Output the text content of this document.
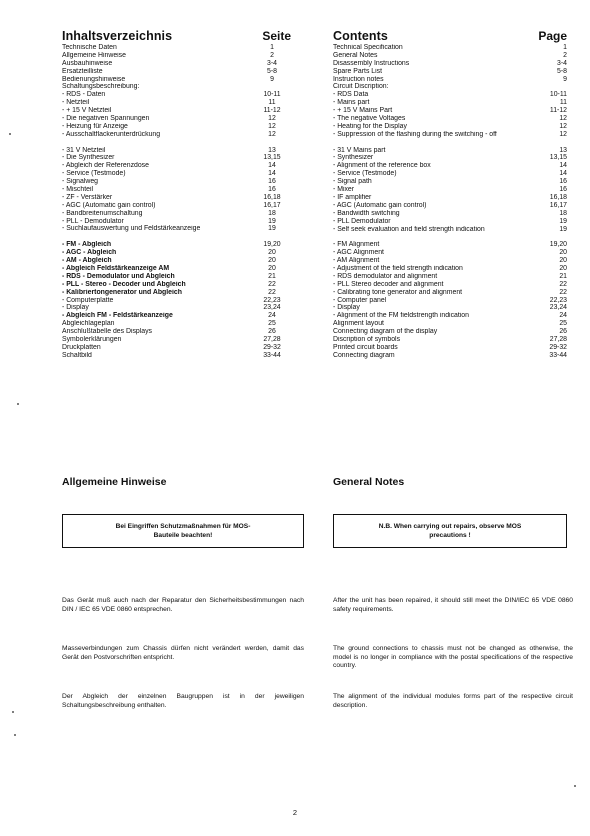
Inhaltsverzeichnis	Seite
Technische Daten	1
Allgemeine Hinweise	2
Ausbauhinweise	3-4
Ersatzteilliste	5-8
Bedienungshinweise	9
Schaltungsbeschreibung:
- RDS - Daten	10-11
- Netzteil	11
- + 15 V Netzteil	11-12
- Die negativen Spannungen	12
- Heizung für Anzeige	12
- Ausschaltflackerunterdrückung	12
- 31 V Netzteil	13
- Die Synthesizer	13,15
- Abgleich der Referenzdose	14
- Service (Testmode)	14
- Signalweg	16
- Mischteil	16
- ZF - Verstärker	16,18
- AGC (Automatic gain control)	16,17
- Bandbreitenumschaltung	18
- PLL - Demodulator	19
- Suchlaufauswertung und Feldstärkeanzeige	19
- FM - Abgleich	19,20
- AGC - Abgleich	20
- AM - Abgleich	20
- Abgleich Feldstärkeanzeige AM	20
- RDS - Demodulator und Abgleich	21
- PLL - Stereo - Decoder und Abgleich	22
- Kalibriertongenerator und Abgleich	22
- Computerplatte	22,23
- Display	23,24
- Abgleich FM - Feldstärkeanzeige	24
Abgleichlageplan	25
Anschlußtabelle des Displays	26
Symbolerklärungen	27,28
Druckplatten	29-32
Schaltbild	33-44
Contents	Page
Technical Specification	1
General Notes	2
Disassembly Instructions	3-4
Spare Parts List	5-8
Instruction notes	9
Circuit Discription:
- RDS Data	10-11
- Mains part	11
- + 15 V Mains Part	11-12
- The negative Voltages	12
- Heating for the Display	12
- Suppression of the flashing during the switching - off	12
- 31 V Mains part	13
- Synthesizer	13,15
- Alignment of the reference box	14
- Service (Testmode)	14
- Signal path	16
- Mixer	16
- IF amplifier	16,18
- AGC (Automatic gain control)	16,17
- Bandwidth switching	18
- PLL Demodulator	19
- Self seek evaluation and field strength indication	19
- FM Alignment	19,20
- AGC Alignment	20
- AM Alignment	20
- Adjustment of the field strength indication	20
- RDS demodulator and alignment	21
- PLL Stereo decoder and alignment	22
- Calibrating tone generator and alignment	22
- Computer panel	22,23
- Display	23,24
- Alignment of the FM fieldstrength indication	24
Alignment layout	25
Connecting diagram of the display	26
Discription of symbols	27,28
Printed circuit boards	29-32
Connecting diagram	33-44
Allgemeine Hinweise	General Notes
Bei Eingriffen Schutzmaßnahmen für MOS-Bauteile beachten!
N.B. When carrying out repairs, observe MOS precautions !
Das Gerät muß auch nach der Reparatur den Sicherheitsbestimmungen nach DIN / IEC 65 VDE 0860 entsprechen.
Masseverbindungen zum Chassis dürfen nicht verändert werden, damit das Gerät den Postvorschriften entspricht.
Der Abgleich der einzelnen Baugruppen ist in der jeweiligen Schaltungsbeschreibung enthalten.
After the unit has been repaired, it should still meet the DIN/IEC 65 VDE 0860 safety requirements.
The ground connections to chassis must not be changed as otherwise, the model is no longer in compliance with the postal specifications of the respective country.
The alignment of the individual modules forms part of the respective circuit description.
2
